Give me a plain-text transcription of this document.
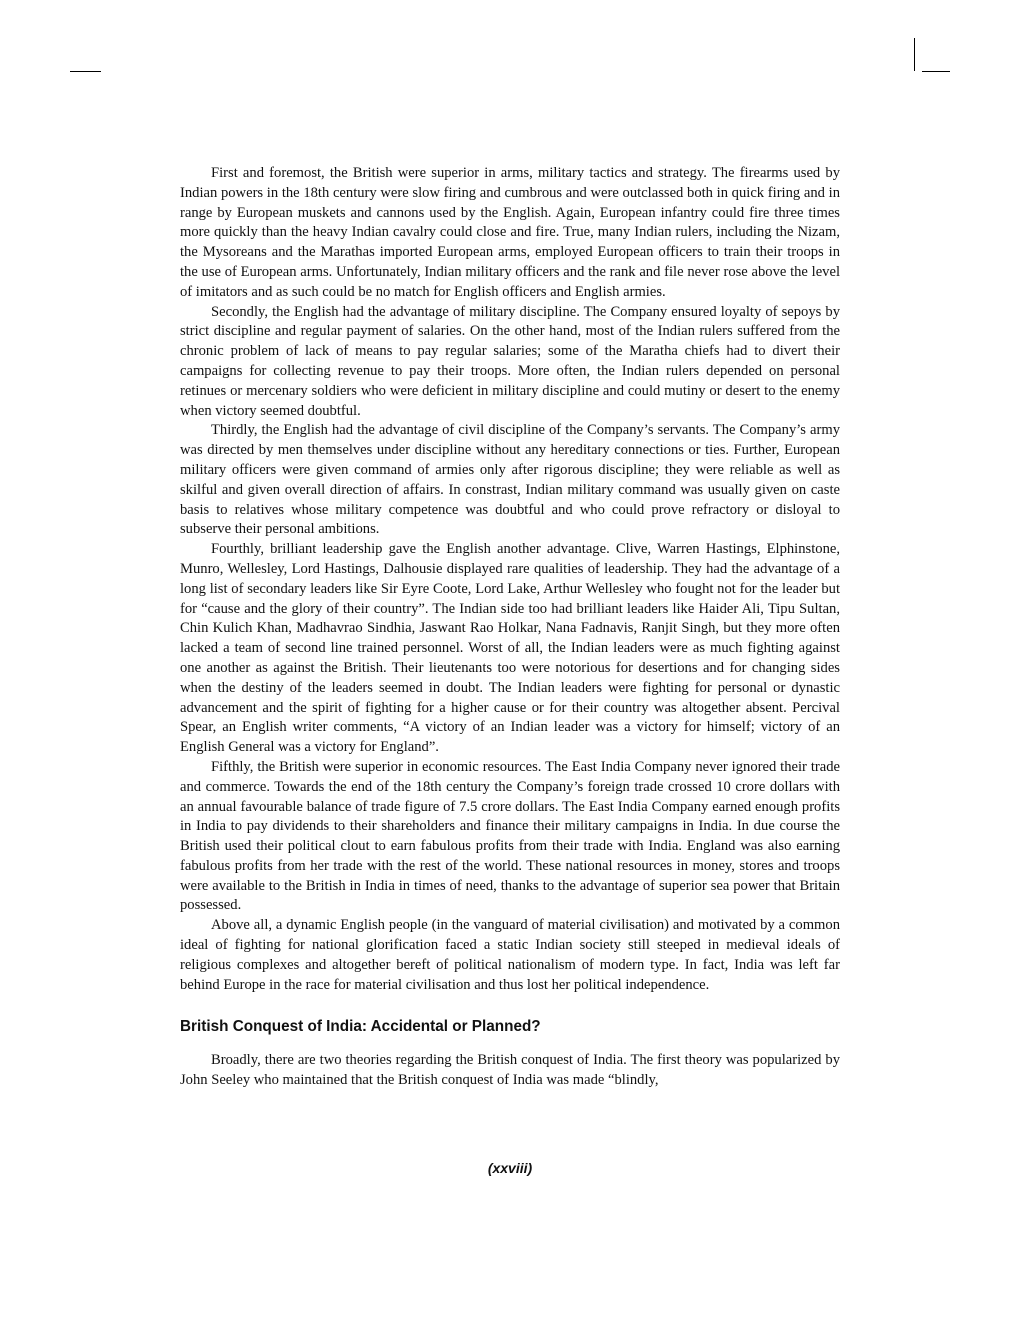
First and foremost, the British were superior in arms, military tactics and strategy. The firearms used by Indian powers in the 18th century were slow firing and cumbrous and were outclassed both in quick firing and in range by European muskets and cannons used by the English. Again, European infantry could fire three times more quickly than the heavy Indian cavalry could close and fire. True, many Indian rulers, including the Nizam, the Mysoreans and the Marathas imported European arms, employed European officers to train their troops in the use of European arms. Unfortunately, Indian military officers and the rank and file never rose above the level of imitators and as such could be no match for English officers and English armies.

Secondly, the English had the advantage of military discipline. The Company ensured loyalty of sepoys by strict discipline and regular payment of salaries. On the other hand, most of the Indian rulers suffered from the chronic problem of lack of means to pay regular salaries; some of the Maratha chiefs had to divert their campaigns for collecting revenue to pay their troops. More often, the Indian rulers depended on personal retinues or mercenary soldiers who were deficient in military discipline and could mutiny or desert to the enemy when victory seemed doubtful.

Thirdly, the English had the advantage of civil discipline of the Company’s servants. The Company’s army was directed by men themselves under discipline without any hereditary connections or ties. Further, European military officers were given command of armies only after rigorous discipline; they were reliable as well as skilful and given overall direction of affairs. In constrast, Indian military command was usually given on caste basis to relatives whose military competence was doubtful and who could prove refractory or disloyal to subserve their personal ambitions.

Fourthly, brilliant leadership gave the English another advantage. Clive, Warren Hastings, Elphinstone, Munro, Wellesley, Lord Hastings, Dalhousie displayed rare qualities of leadership. They had the advantage of a long list of secondary leaders like Sir Eyre Coote, Lord Lake, Arthur Wellesley who fought not for the leader but for “cause and the glory of their country”. The Indian side too had brilliant leaders like Haider Ali, Tipu Sultan, Chin Kulich Khan, Madhavrao Sindhia, Jaswant Rao Holkar, Nana Fadnavis, Ranjit Singh, but they more often lacked a team of second line trained personnel. Worst of all, the Indian leaders were as much fighting against one another as against the British. Their lieutenants too were notorious for desertions and for changing sides when the destiny of the leaders seemed in doubt. The Indian leaders were fighting for personal or dynastic advancement and the spirit of fighting for a higher cause or for their country was altogether absent. Percival Spear, an English writer comments, “A victory of an Indian leader was a victory for himself; victory of an English General was a victory for England”.

Fifthly, the British were superior in economic resources. The East India Company never ignored their trade and commerce. Towards the end of the 18th century the Company’s foreign trade crossed 10 crore dollars with an annual favourable balance of trade figure of 7.5 crore dollars. The East India Company earned enough profits in India to pay dividends to their shareholders and finance their military campaigns in India. In due course the British used their political clout to earn fabulous profits from their trade with India. England was also earning fabulous profits from her trade with the rest of the world. These national resources in money, stores and troops were available to the British in India in times of need, thanks to the advantage of superior sea power that Britain possessed.

Above all, a dynamic English people (in the vanguard of material civilisation) and motivated by a common ideal of fighting for national glorification faced a static Indian society still steeped in medieval ideals of religious complexes and altogether bereft of political nationalism of modern type. In fact, India was left far behind Europe in the race for material civilisation and thus lost her political independence.

British Conquest of India: Accidental or Planned?

Broadly, there are two theories regarding the British conquest of India. The first theory was popularized by John Seeley who maintained that the British conquest of India was made “blindly,

(xxviii)
